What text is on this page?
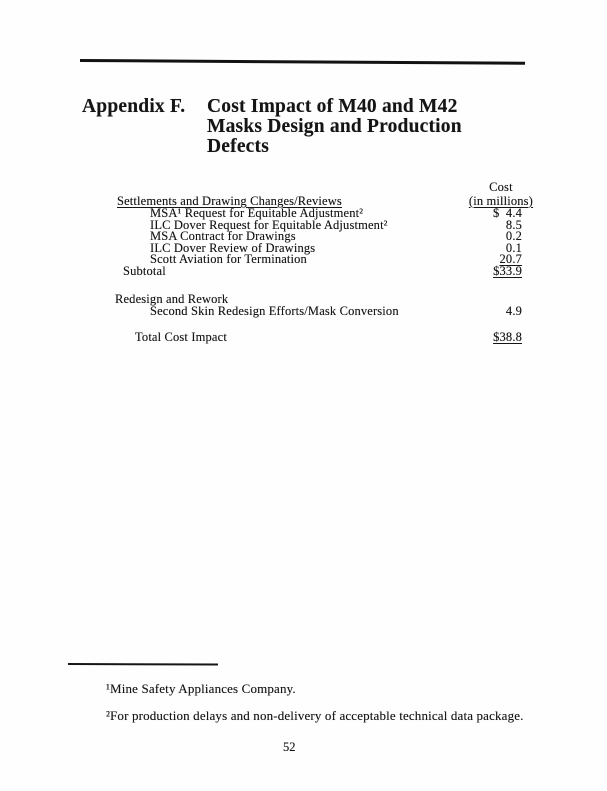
Appendix F.	Cost Impact of M40 and M42
Masks Design and Production
Defects
Cost
(in millions)
Settlements and Drawing Changes/Reviews
MSA¹ Request for Equitable Adjustment²	$  4.4
ILC Dover Request for Equitable Adjustment²	8.5
MSA Contract for Drawings	0.2
ILC Dover Review of Drawings	0.1
Scott Aviation for Termination	20.7
Subtotal	$33.9
Redesign and Rework
Second Skin Redesign Efforts/Mask Conversion	4.9
Total Cost Impact	$38.8
¹Mine Safety Appliances Company.
²For production delays and non-delivery of acceptable technical data package.
52
